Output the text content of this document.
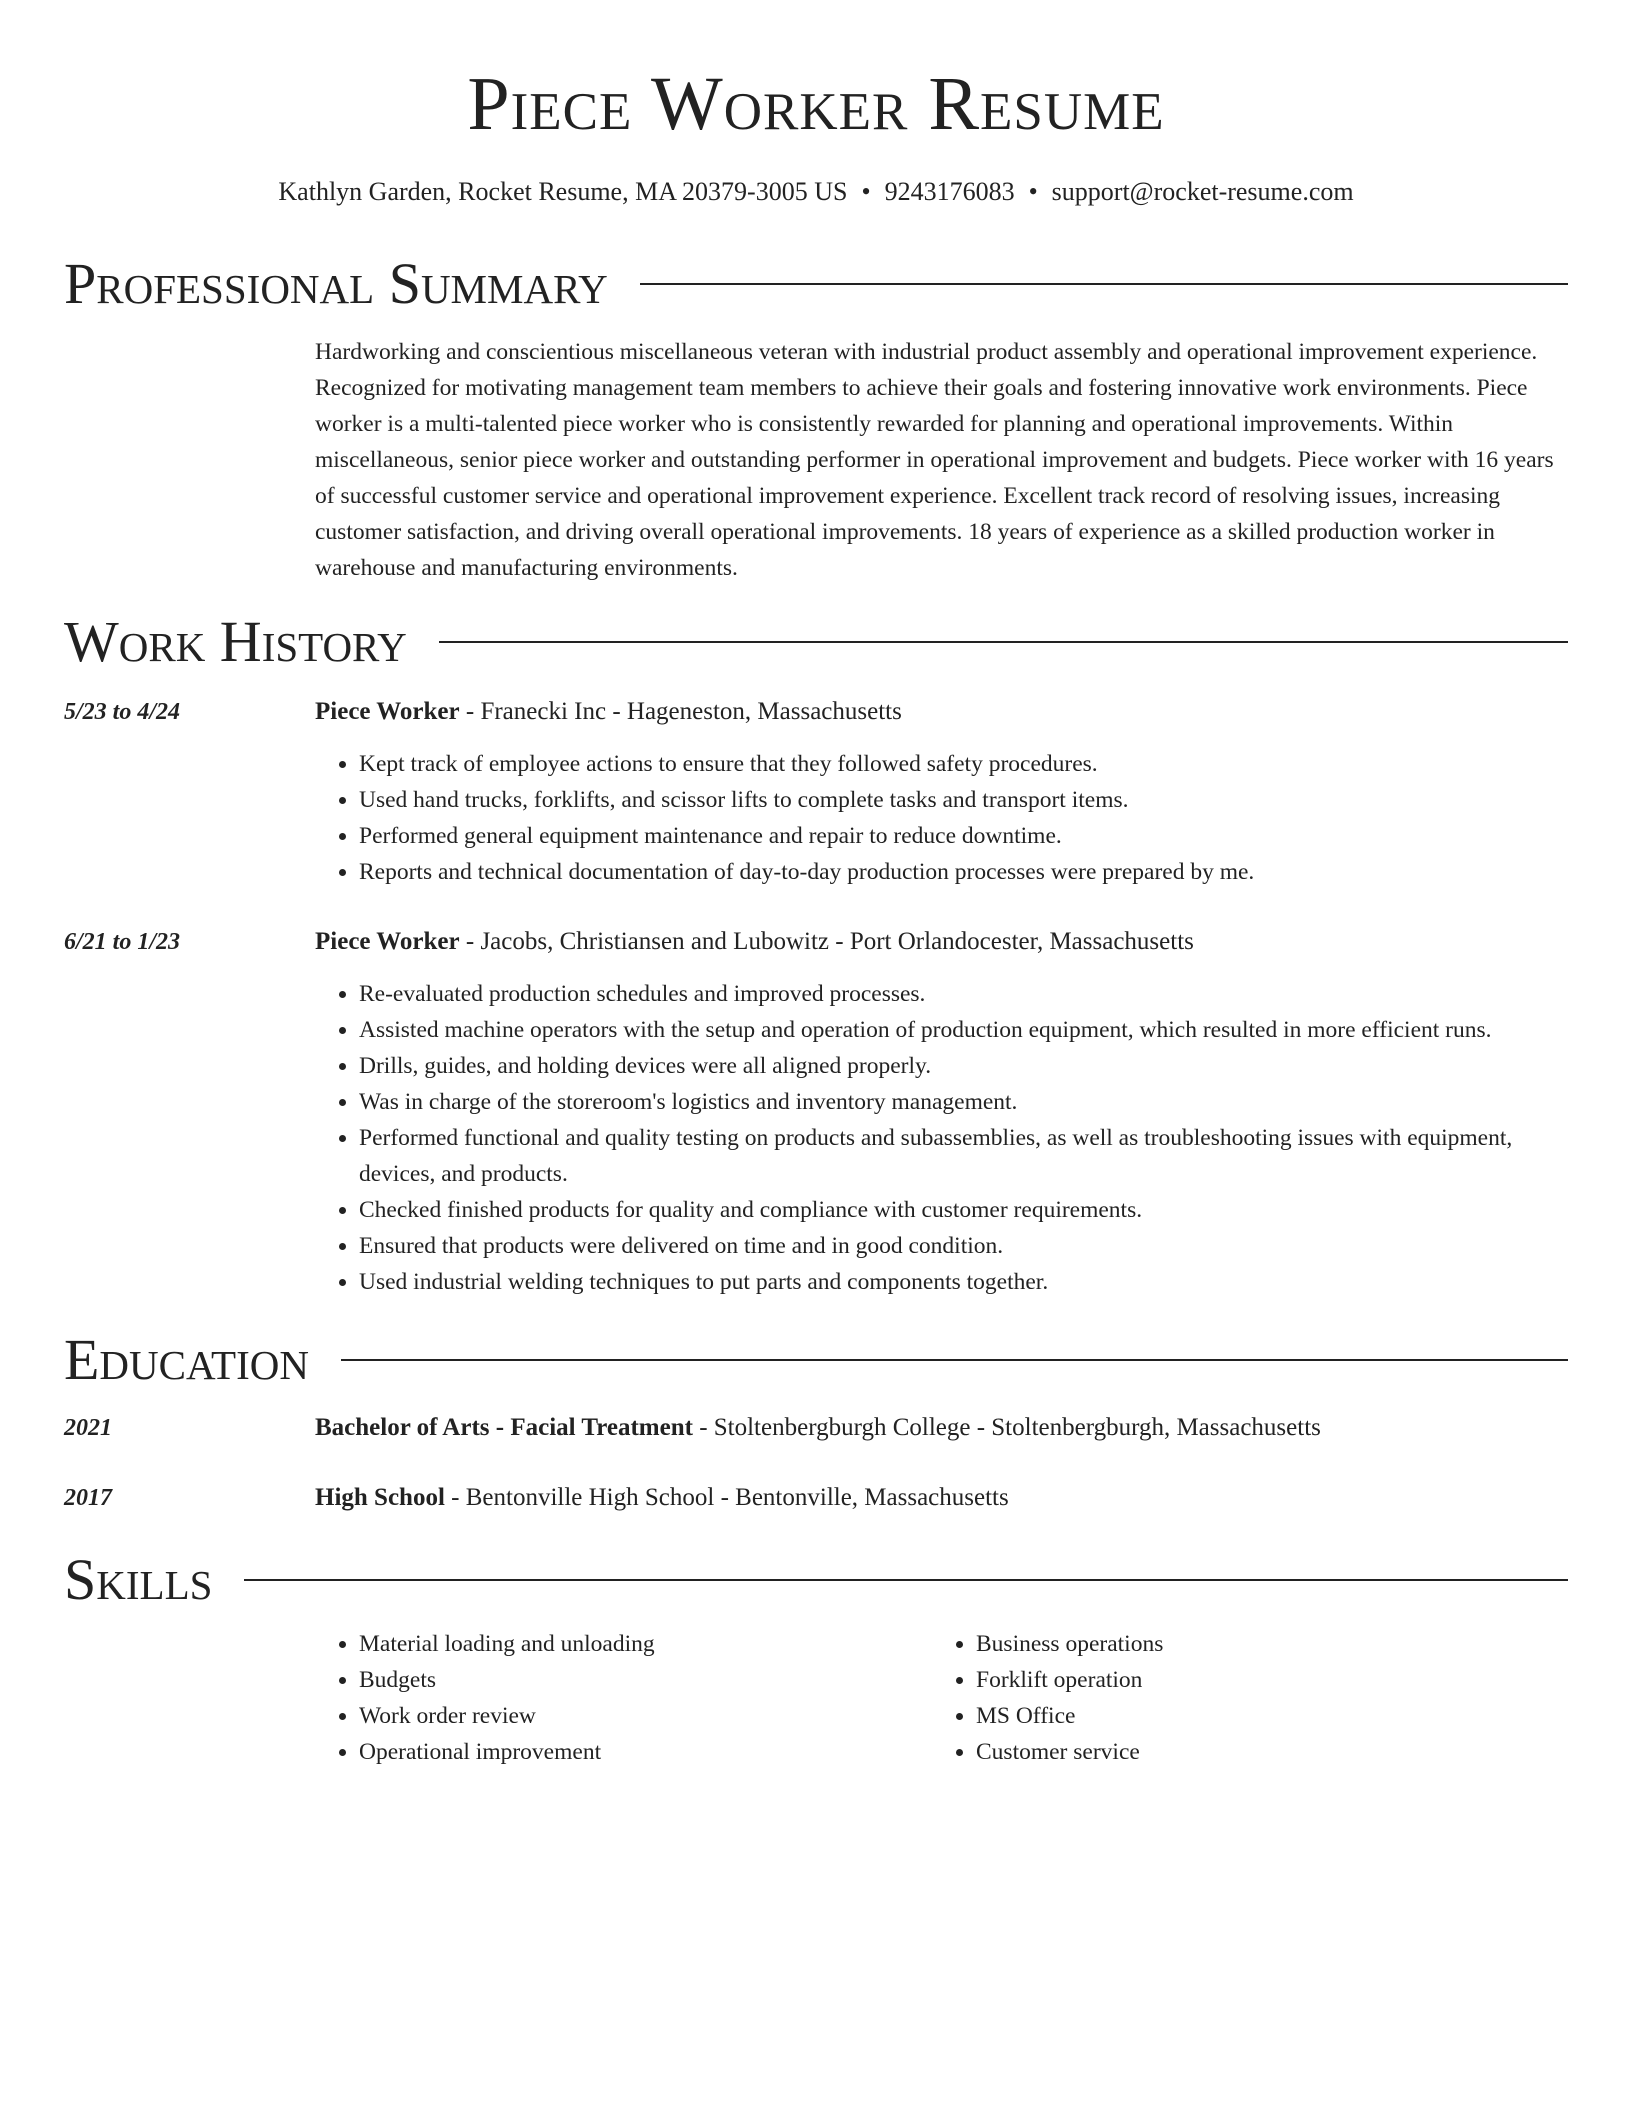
Piece Worker Resume
Kathlyn Garden, Rocket Resume, MA 20379-3005 US • 9243176083 • support@rocket-resume.com
Professional Summary

Hardworking and conscientious miscellaneous veteran with industrial product assembly and operational improvement experience. Recognized for motivating management team members to achieve their goals and fostering innovative work environments. Piece worker is a multi-talented piece worker who is consistently rewarded for planning and operational improvements. Within miscellaneous, senior piece worker and outstanding performer in operational improvement and budgets. Piece worker with 16 years of successful customer service and operational improvement experience. Excellent track record of resolving issues, increasing customer satisfaction, and driving overall operational improvements. 18 years of experience as a skilled production worker in warehouse and manufacturing environments.

Work History
5/23 to 4/24	Piece Worker - Franecki Inc - Hageneston, Massachusetts
• Kept track of employee actions to ensure that they followed safety procedures.
• Used hand trucks, forklifts, and scissor lifts to complete tasks and transport items.
• Performed general equipment maintenance and repair to reduce downtime.
• Reports and technical documentation of day-to-day production processes were prepared by me.
6/21 to 1/23	Piece Worker - Jacobs, Christiansen and Lubowitz - Port Orlandocester, Massachusetts
• Re-evaluated production schedules and improved processes.
• Assisted machine operators with the setup and operation of production equipment, which resulted in more efficient runs.
• Drills, guides, and holding devices were all aligned properly.
• Was in charge of the storeroom's logistics and inventory management.
• Performed functional and quality testing on products and subassemblies, as well as troubleshooting issues with equipment, devices, and products.
• Checked finished products for quality and compliance with customer requirements.
• Ensured that products were delivered on time and in good condition.
• Used industrial welding techniques to put parts and components together.
Education
2021	Bachelor of Arts - Facial Treatment - Stoltenbergburgh College - Stoltenbergburgh, Massachusetts
2017	High School - Bentonville High School - Bentonville, Massachusetts
Skills
• Material loading and unloading
• Budgets
• Work order review
• Operational improvement
• Business operations
• Forklift operation
• MS Office
• Customer service
